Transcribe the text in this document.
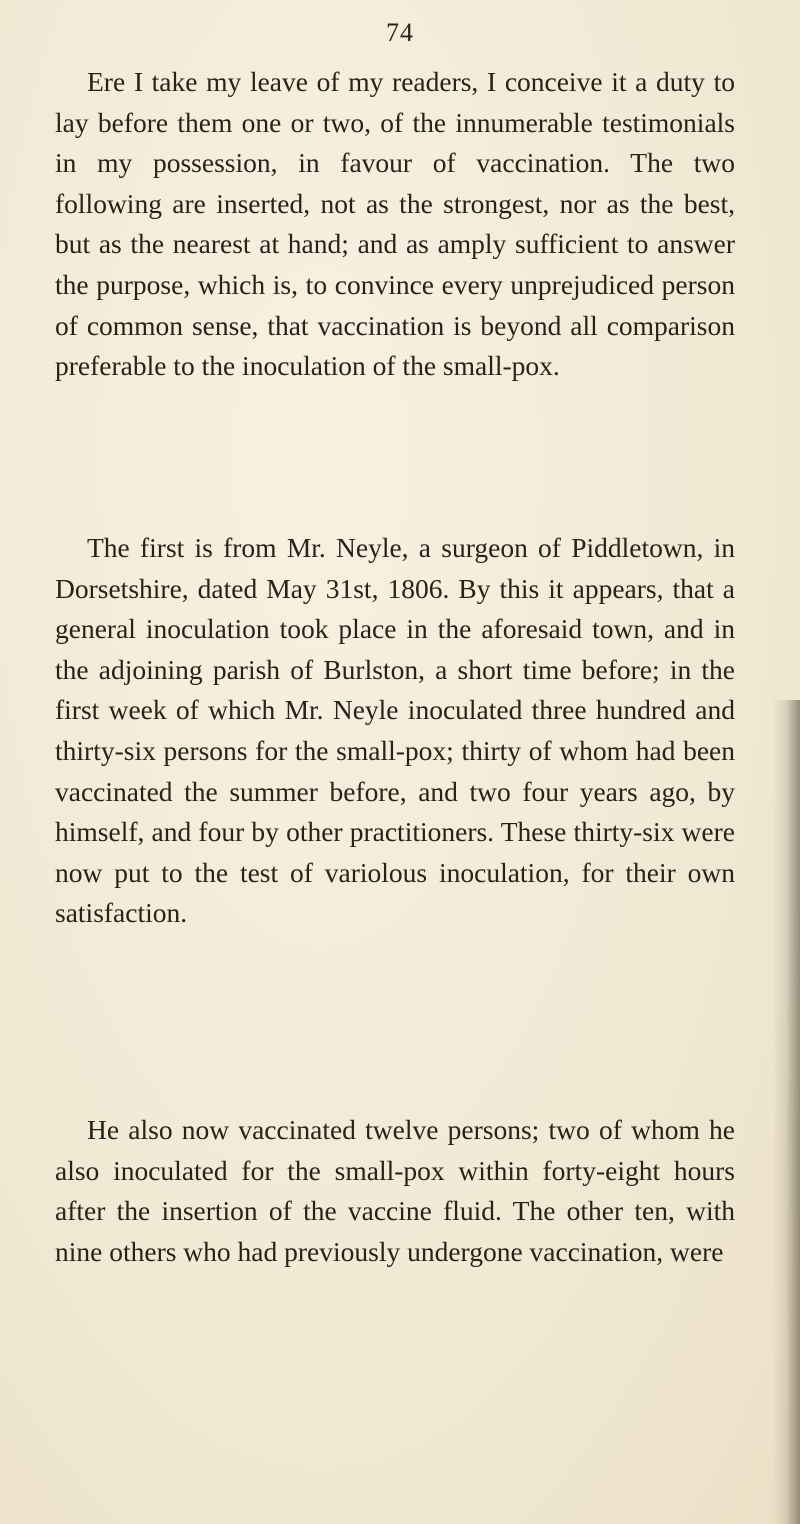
74

Ere I take my leave of my readers, I conceive it a duty to lay before them one or two, of the innumerable testimonials in my possession, in favour of vaccination. The two following are inserted, not as the strongest, nor as the best, but as the nearest at hand; and as amply sufficient to answer the purpose, which is, to convince every unprejudiced person of common sense, that vaccination is beyond all comparison preferable to the inoculation of the small-pox.

The first is from Mr. Neyle, a surgeon of Piddletown, in Dorsetshire, dated May 31st, 1806. By this it appears, that a general inoculation took place in the aforesaid town, and in the adjoining parish of Burlston, a short time before; in the first week of which Mr. Neyle inoculated three hundred and thirty-six persons for the small-pox; thirty of whom had been vaccinated the summer before, and two four years ago, by himself, and four by other practitioners. These thirty-six were now put to the test of variolous inoculation, for their own satisfaction.

He also now vaccinated twelve persons; two of whom he also inoculated for the small-pox within forty-eight hours after the insertion of the vaccine fluid. The other ten, with nine others who had previously undergone vaccination, were
